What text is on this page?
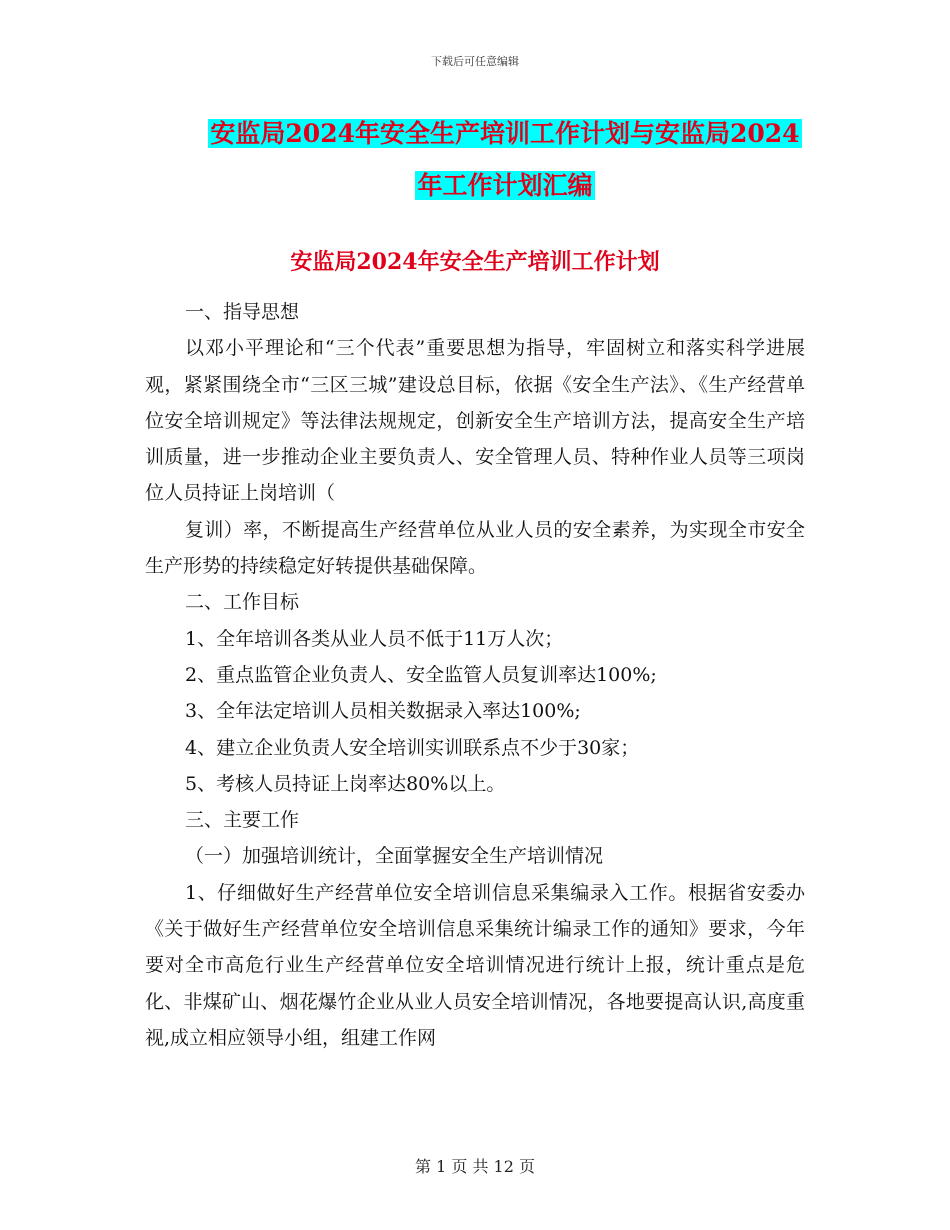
下载后可任意编辑
安监局2024年安全生产培训工作计划与安监局2024
年工作计划汇编
安监局2024年安全生产培训工作计划

一、指导思想

以邓小平理论和“三个代表”重要思想为指导，牢固树立和落实科学进展观，紧紧围绕全市“三区三城”建设总目标，依据《安全生产法》、《生产经营单位安全培训规定》等法律法规规定，创新安全生产培训方法，提高安全生产培训质量，进一步推动企业主要负责人、安全管理人员、特种作业人员等三项岗位人员持证上岗培训（

复训）率，不断提高生产经营单位从业人员的安全素养，为实现全市安全生产形势的持续稳定好转提供基础保障。

二、工作目标

1、全年培训各类从业人员不低于11万人次；

2、重点监管企业负责人、安全监管人员复训率达100%;

3、全年法定培训人员相关数据录入率达100%;

4、建立企业负责人安全培训实训联系点不少于30家；

5、考核人员持证上岗率达80%以上。

三、主要工作

（一）加强培训统计，全面掌握安全生产培训情况

1、仔细做好生产经营单位安全培训信息采集编录入工作。根据省安委办《关于做好生产经营单位安全培训信息采集统计编录工作的通知》要求，今年要对全市高危行业生产经营单位安全培训情况进行统计上报，统计重点是危化、非煤矿山、烟花爆竹企业从业人员安全培训情况，各地要提高认识,高度重视,成立相应领导小组，组建工作网

第 1 页 共 12 页
